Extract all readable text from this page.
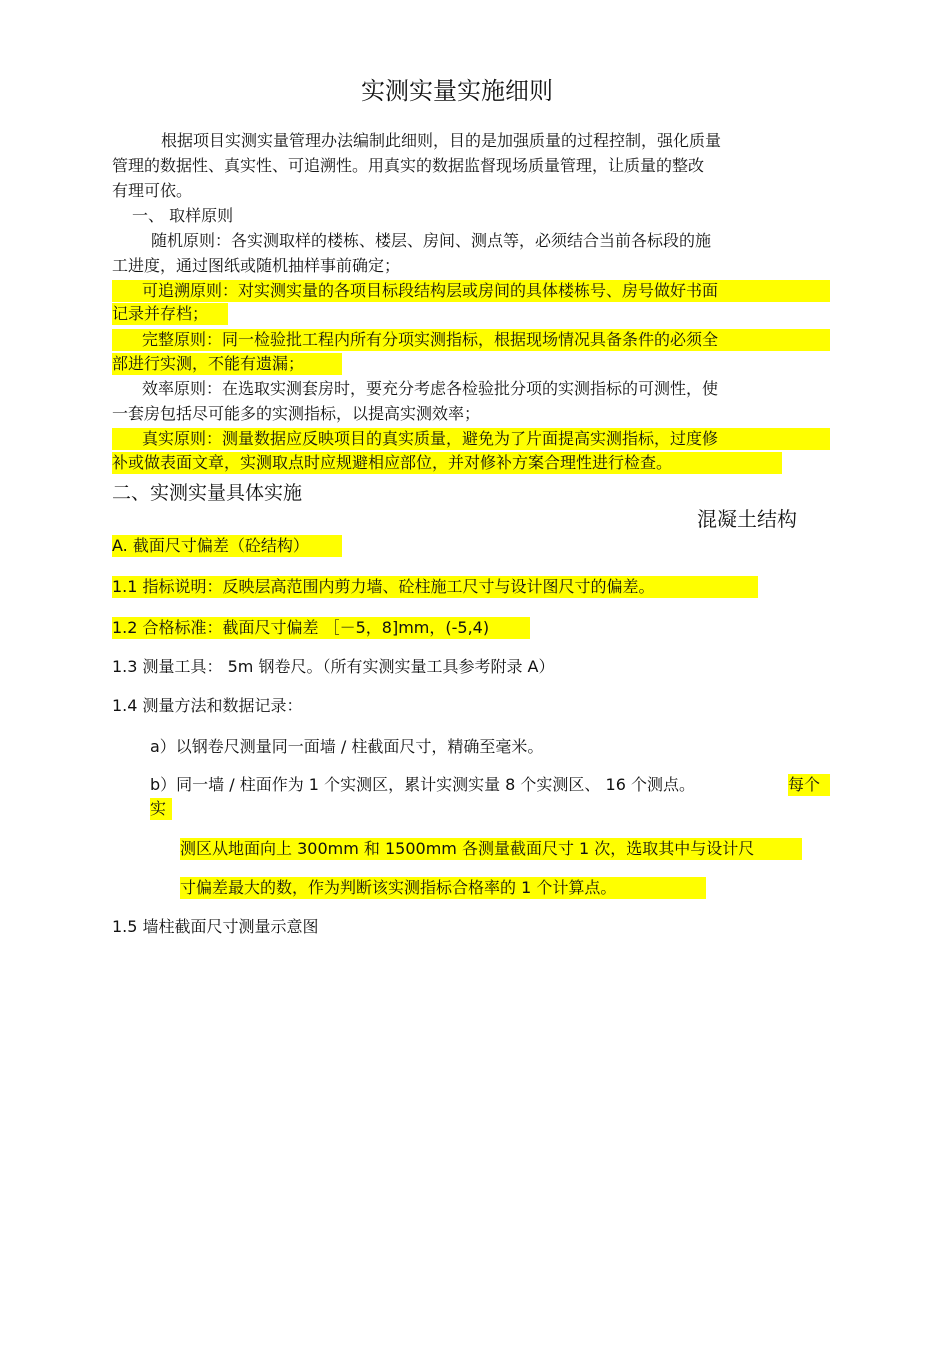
实测实量实施细则
根据项目实测实量管理办法编制此细则，目的是加强质量的过程控制，强化质量
管理的数据性、真实性、可追溯性。用真实的数据监督现场质量管理，让质量的整改
有理可依。
一、 取样原则
随机原则：各实测取样的楼栋、楼层、房间、测点等，必须结合当前各标段的施
工进度，通过图纸或随机抽样事前确定；
可追溯原则：对实测实量的各项目标段结构层或房间的具体楼栋号、房号做好书面
记录并存档；
完整原则：同一检验批工程内所有分项实测指标，根据现场情况具备条件的必须全
部进行实测，不能有遗漏；
效率原则：在选取实测套房时，要充分考虑各检验批分项的实测指标的可测性，使
一套房包括尽可能多的实测指标，以提高实测效率；
真实原则：测量数据应反映项目的真实质量，避免为了片面提高实测指标，过度修
补或做表面文章，实测取点时应规避相应部位，并对修补方案合理性进行检查。
二、实测实量具体实施
混凝土结构
A. 截面尺寸偏差（砼结构）
1.1 指标说明：反映层高范围内剪力墙、砼柱施工尺寸与设计图尺寸的偏差。
1.2 合格标准：截面尺寸偏差 ［－5，8]mm，(-5,4)
1.3 测量工具： 5m 钢卷尺。（所有实测实量工具参考附录 A）
1.4 测量方法和数据记录：
a）以钢卷尺测量同一面墙 / 柱截面尺寸，精确至毫米。
b）同一墙 / 柱面作为 1 个实测区，累计实测实量 8 个实测区、 16 个测点。	每个
实
测区从地面向上 300mm 和 1500mm 各测量截面尺寸 1 次，选取其中与设计尺
寸偏差最大的数，作为判断该实测指标合格率的 1 个计算点。
1.5 墙柱截面尺寸测量示意图
